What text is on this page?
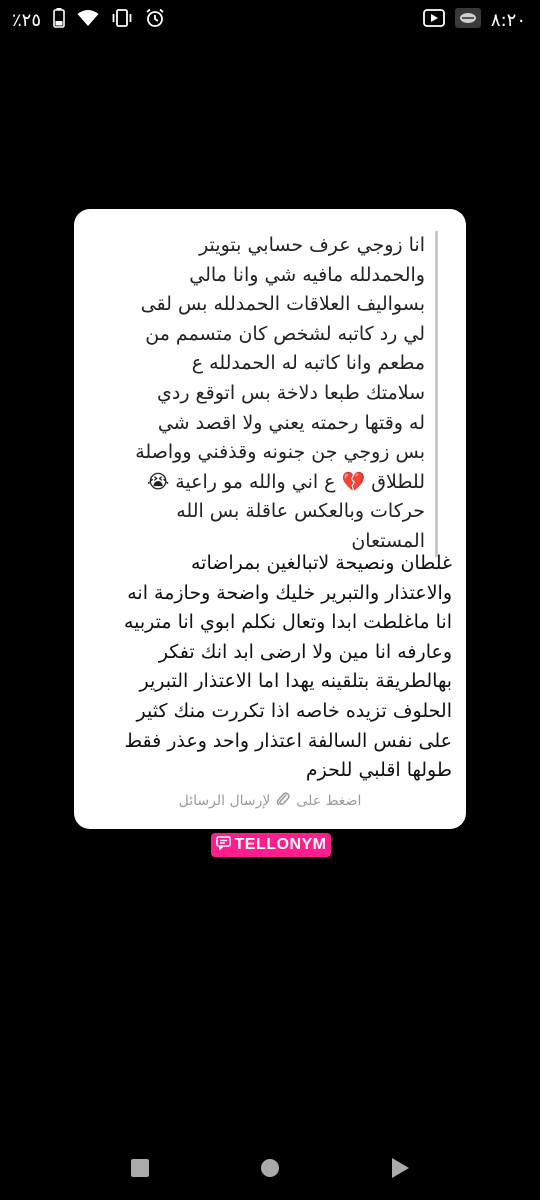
٪٢٥	٨:٢٠
انا زوجي عرف حسابي بتويتر
والحمدلله مافيه شي وانا مالي
بسواليف العلاقات الحمدلله بس لقى
لي رد كاتبه لشخص كان متسمم من
مطعم وانا كاتبه له الحمدلله ع
سلامتك طبعا دلاخة بس اتوقع ردي
له وقتها رحمته يعني ولا اقصد شي
بس زوجي جن جنونه وقذفني وواصلة
للطلاق 💔 ع اني والله مو راعية 😭
حركات وبالعكس عاقلة بس الله
المستعان
غلطان ونصيحة لاتبالغين بمراضاته
والاعتذار والتبرير خليك واضحة وحازمة انه
انا ماغلطت ابدا وتعال نكلم ابوي انا متربيه
وعارفه انا مين ولا ارضى ابد انك تفكر
بهالطريقة بتلقينه يهدا اما الاعتذار التبرير
الحلوف تزيده خاصه اذا تكررت منك كثير
على نفس السالفة اعتذار واحد وعذر فقط
طولها اقلبي للحزم
اضغط على
لإرسال الرسائل
TELLONYM
